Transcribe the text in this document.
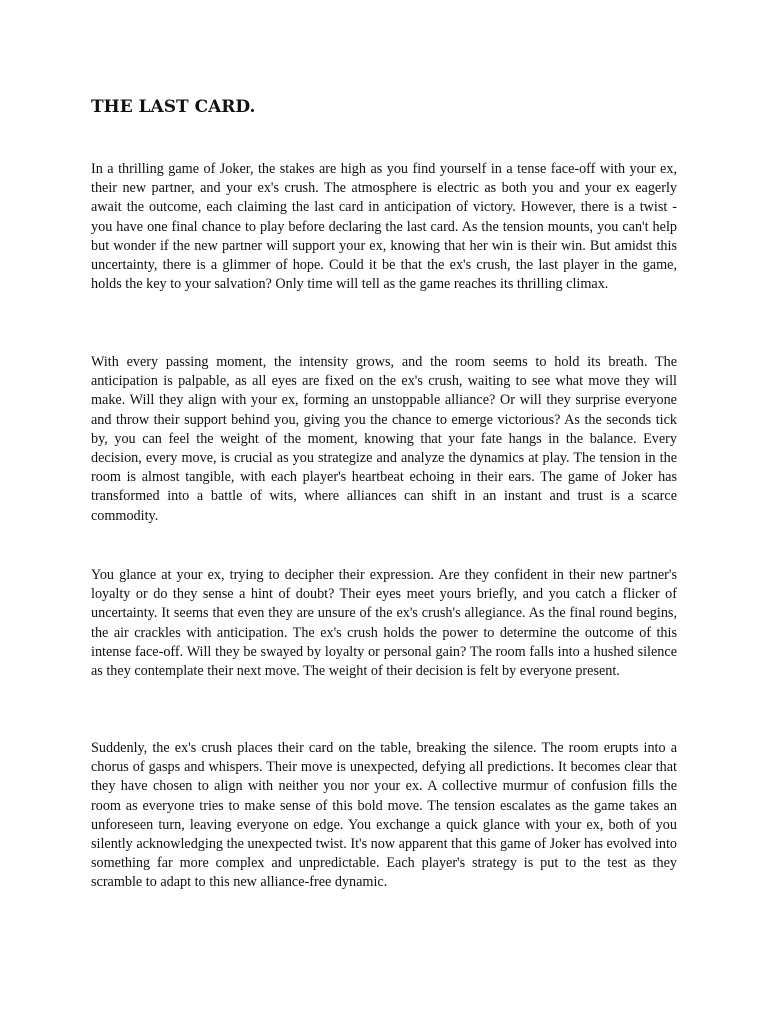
THE LAST CARD.

In a thrilling game of Joker, the stakes are high as you find yourself in a tense face-off with your ex, their new partner, and your ex's crush. The atmosphere is electric as both you and your ex eagerly await the outcome, each claiming the last card in anticipation of victory. However, there is a twist - you have one final chance to play before declaring the last card. As the tension mounts, you can't help but wonder if the new partner will support your ex, knowing that her win is their win. But amidst this uncertainty, there is a glimmer of hope. Could it be that the ex's crush, the last player in the game, holds the key to your salvation? Only time will tell as the game reaches its thrilling climax.

With every passing moment, the intensity grows, and the room seems to hold its breath. The anticipation is palpable, as all eyes are fixed on the ex's crush, waiting to see what move they will make. Will they align with your ex, forming an unstoppable alliance? Or will they surprise everyone and throw their support behind you, giving you the chance to emerge victorious? As the seconds tick by, you can feel the weight of the moment, knowing that your fate hangs in the balance. Every decision, every move, is crucial as you strategize and analyze the dynamics at play. The tension in the room is almost tangible, with each player's heartbeat echoing in their ears. The game of Joker has transformed into a battle of wits, where alliances can shift in an instant and trust is a scarce commodity.

You glance at your ex, trying to decipher their expression. Are they confident in their new partner's loyalty or do they sense a hint of doubt? Their eyes meet yours briefly, and you catch a flicker of uncertainty. It seems that even they are unsure of the ex's crush's allegiance. As the final round begins, the air crackles with anticipation. The ex's crush holds the power to determine the outcome of this intense face-off. Will they be swayed by loyalty or personal gain? The room falls into a hushed silence as they contemplate their next move. The weight of their decision is felt by everyone present.

Suddenly, the ex's crush places their card on the table, breaking the silence. The room erupts into a chorus of gasps and whispers. Their move is unexpected, defying all predictions. It becomes clear that they have chosen to align with neither you nor your ex. A collective murmur of confusion fills the room as everyone tries to make sense of this bold move. The tension escalates as the game takes an unforeseen turn, leaving everyone on edge. You exchange a quick glance with your ex, both of you silently acknowledging the unexpected twist. It's now apparent that this game of Joker has evolved into something far more complex and unpredictable. Each player's strategy is put to the test as they scramble to adapt to this new alliance-free dynamic.
